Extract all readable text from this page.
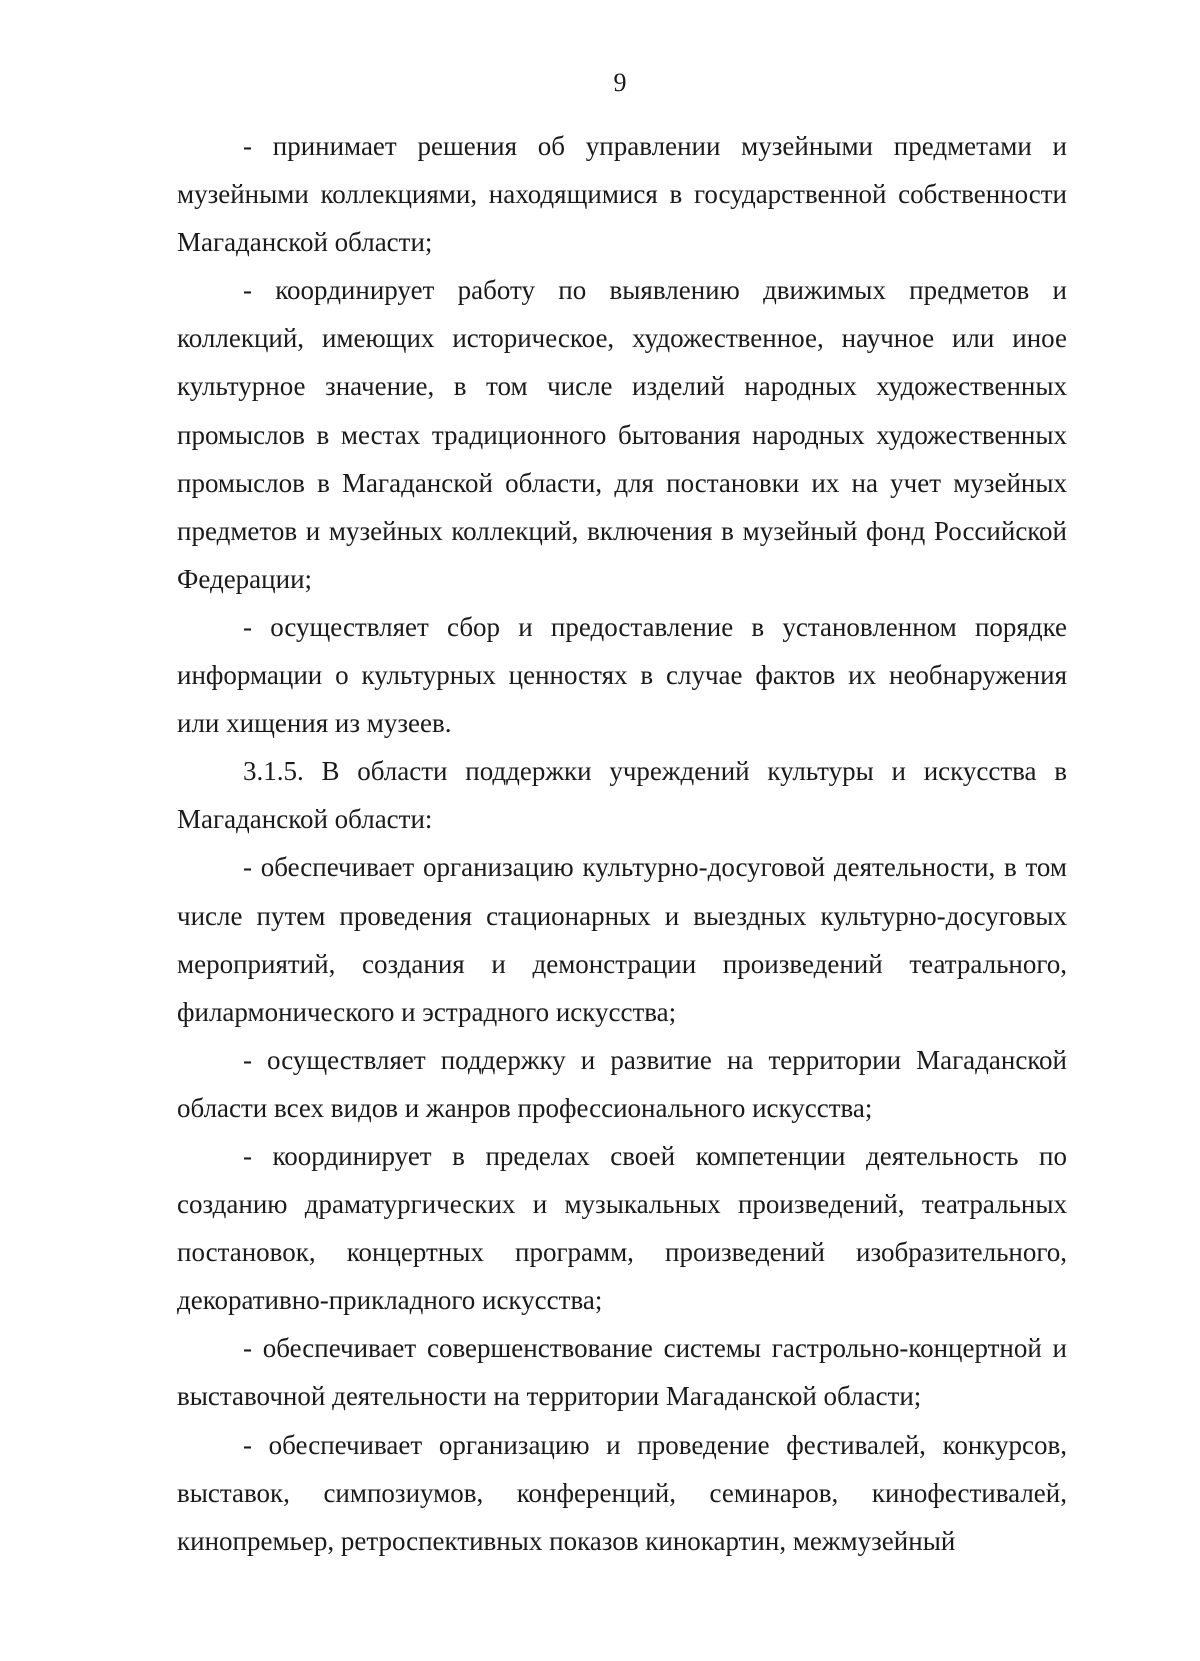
9

- принимает решения об управлении музейными предметами и музейными коллекциями, находящимися в государственной собственности Магаданской области;

- координирует работу по выявлению движимых предметов и коллекций, имеющих историческое, художественное, научное или иное культурное значение, в том числе изделий народных художественных промыслов в местах традиционного бытования народных художественных промыслов в Магаданской области, для постановки их на учет музейных предметов и музейных коллекций, включения в музейный фонд Российской Федерации;

- осуществляет сбор и предоставление в установленном порядке информации о культурных ценностях в случае фактов их необнаружения или хищения из музеев.

3.1.5. В области поддержки учреждений культуры и искусства в Магаданской области:

- обеспечивает организацию культурно-досуговой деятельности, в том числе путем проведения стационарных и выездных культурно-досуговых мероприятий, создания и демонстрации произведений театрального, филармонического и эстрадного искусства;

- осуществляет поддержку и развитие на территории Магаданской области всех видов и жанров профессионального искусства;

- координирует в пределах своей компетенции деятельность по созданию драматургических и музыкальных произведений, театральных постановок, концертных программ, произведений изобразительного, декоративно-прикладного искусства;

- обеспечивает совершенствование системы гастрольно-концертной и выставочной деятельности на территории Магаданской области;

- обеспечивает организацию и проведение фестивалей, конкурсов, выставок, симпозиумов, конференций, семинаров, кинофестивалей, кинопремьер, ретроспективных показов кинокартин, межмузейный
